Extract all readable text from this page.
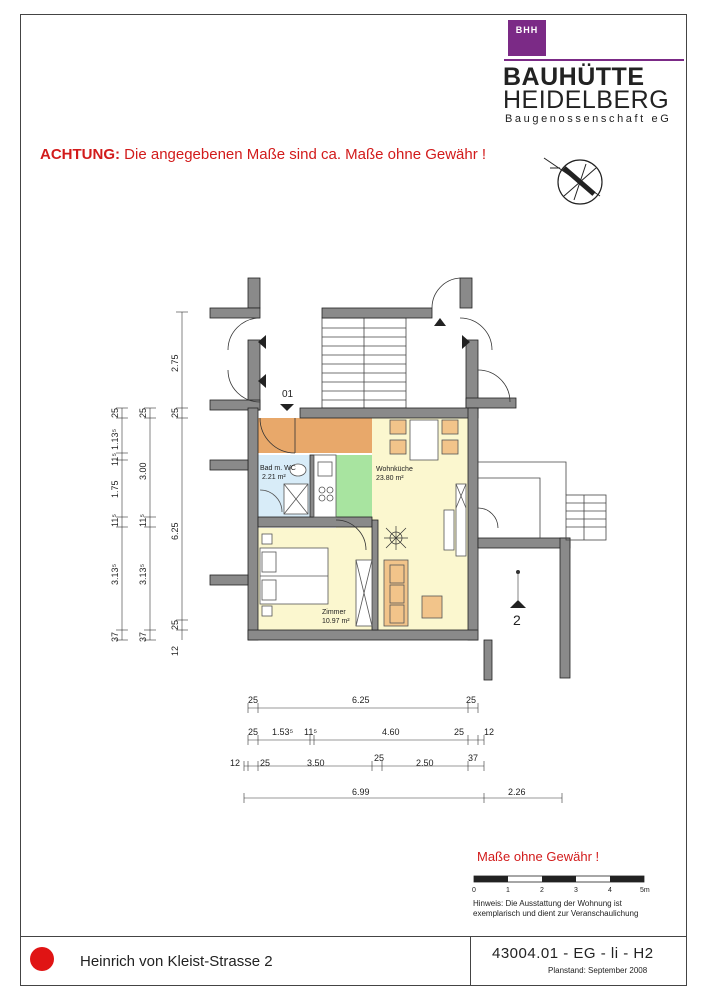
BHH
BAUHÜTTE
HEIDELBERG
Baugenossenschaft eG
ACHTUNG: Die angegebenen Maße sind ca. Maße ohne Gewähr !
01
2
Bad m. WC
2.21 m²
Wohnküche
23.80 m²
Zimmer
10.97 m²
2.75
25
6.25
25
25
3.00
11⁵
3.13⁵
37
25
1.13⁵
11⁵
1.75
11⁵
3.13⁵
37
12
25	6.25	25
25 1.53⁵ 11⁵	4.60	25 12
12 25	3.50	25	2.50	37
6.99	2.26
0	1	2	3	4	5m
Maße ohne Gewähr !
Hinweis: Die Ausstattung der Wohnung ist
exemplarisch und dient zur Veranschaulichung
Heinrich von Kleist-Strasse 2	43004.01 - EG - li - H2
Planstand: September 2008
